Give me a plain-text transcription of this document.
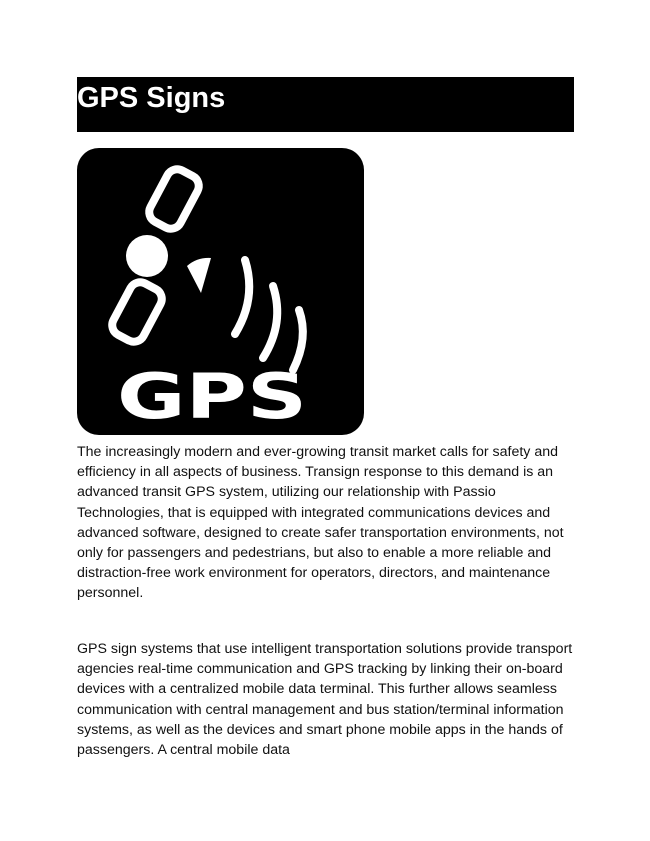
GPS Signs
GPS

The increasingly modern and ever-growing transit market calls for safety and efficiency in all aspects of business. Transign response to this demand is an advanced transit GPS system, utilizing our relationship with Passio Technologies, that is equipped with integrated communications devices and advanced software, designed to create safer transportation environments, not only for passengers and pedestrians, but also to enable a more reliable and distraction-free work environment for operators, directors, and maintenance personnel.

GPS sign systems that use intelligent transportation solutions provide transport agencies real-time communication and GPS tracking by linking their on-board devices with a centralized mobile data terminal. This further allows seamless communication with central management and bus station/terminal information systems, as well as the devices and smart phone mobile apps in the hands of passengers. A central mobile data
